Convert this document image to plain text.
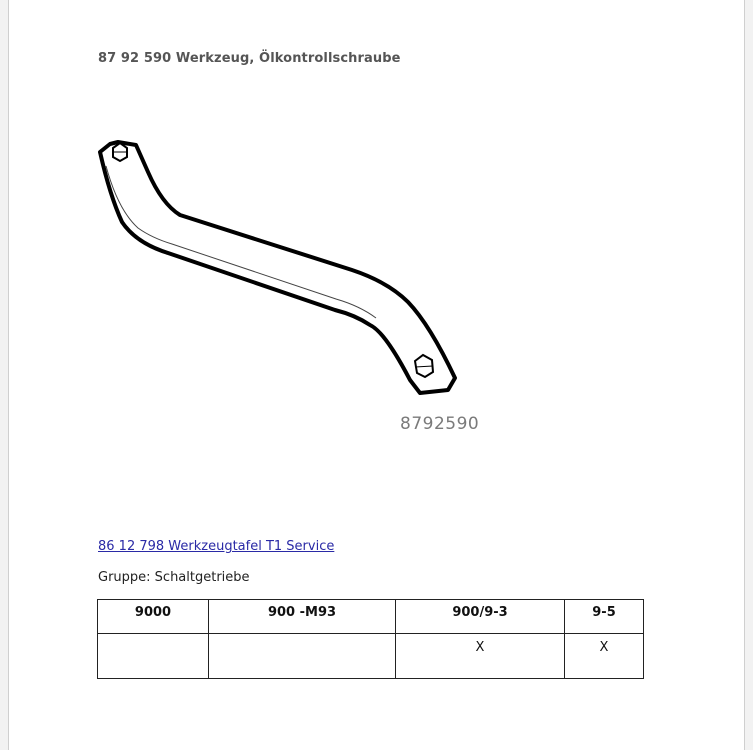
87 92 590 Werkzeug, Ölkontrollschraube
8792590
86 12 798 Werkzeugtafel T1 Service
Gruppe: Schaltgetriebe
9000	900 -M93	900/9-3	9-5
		X	X
